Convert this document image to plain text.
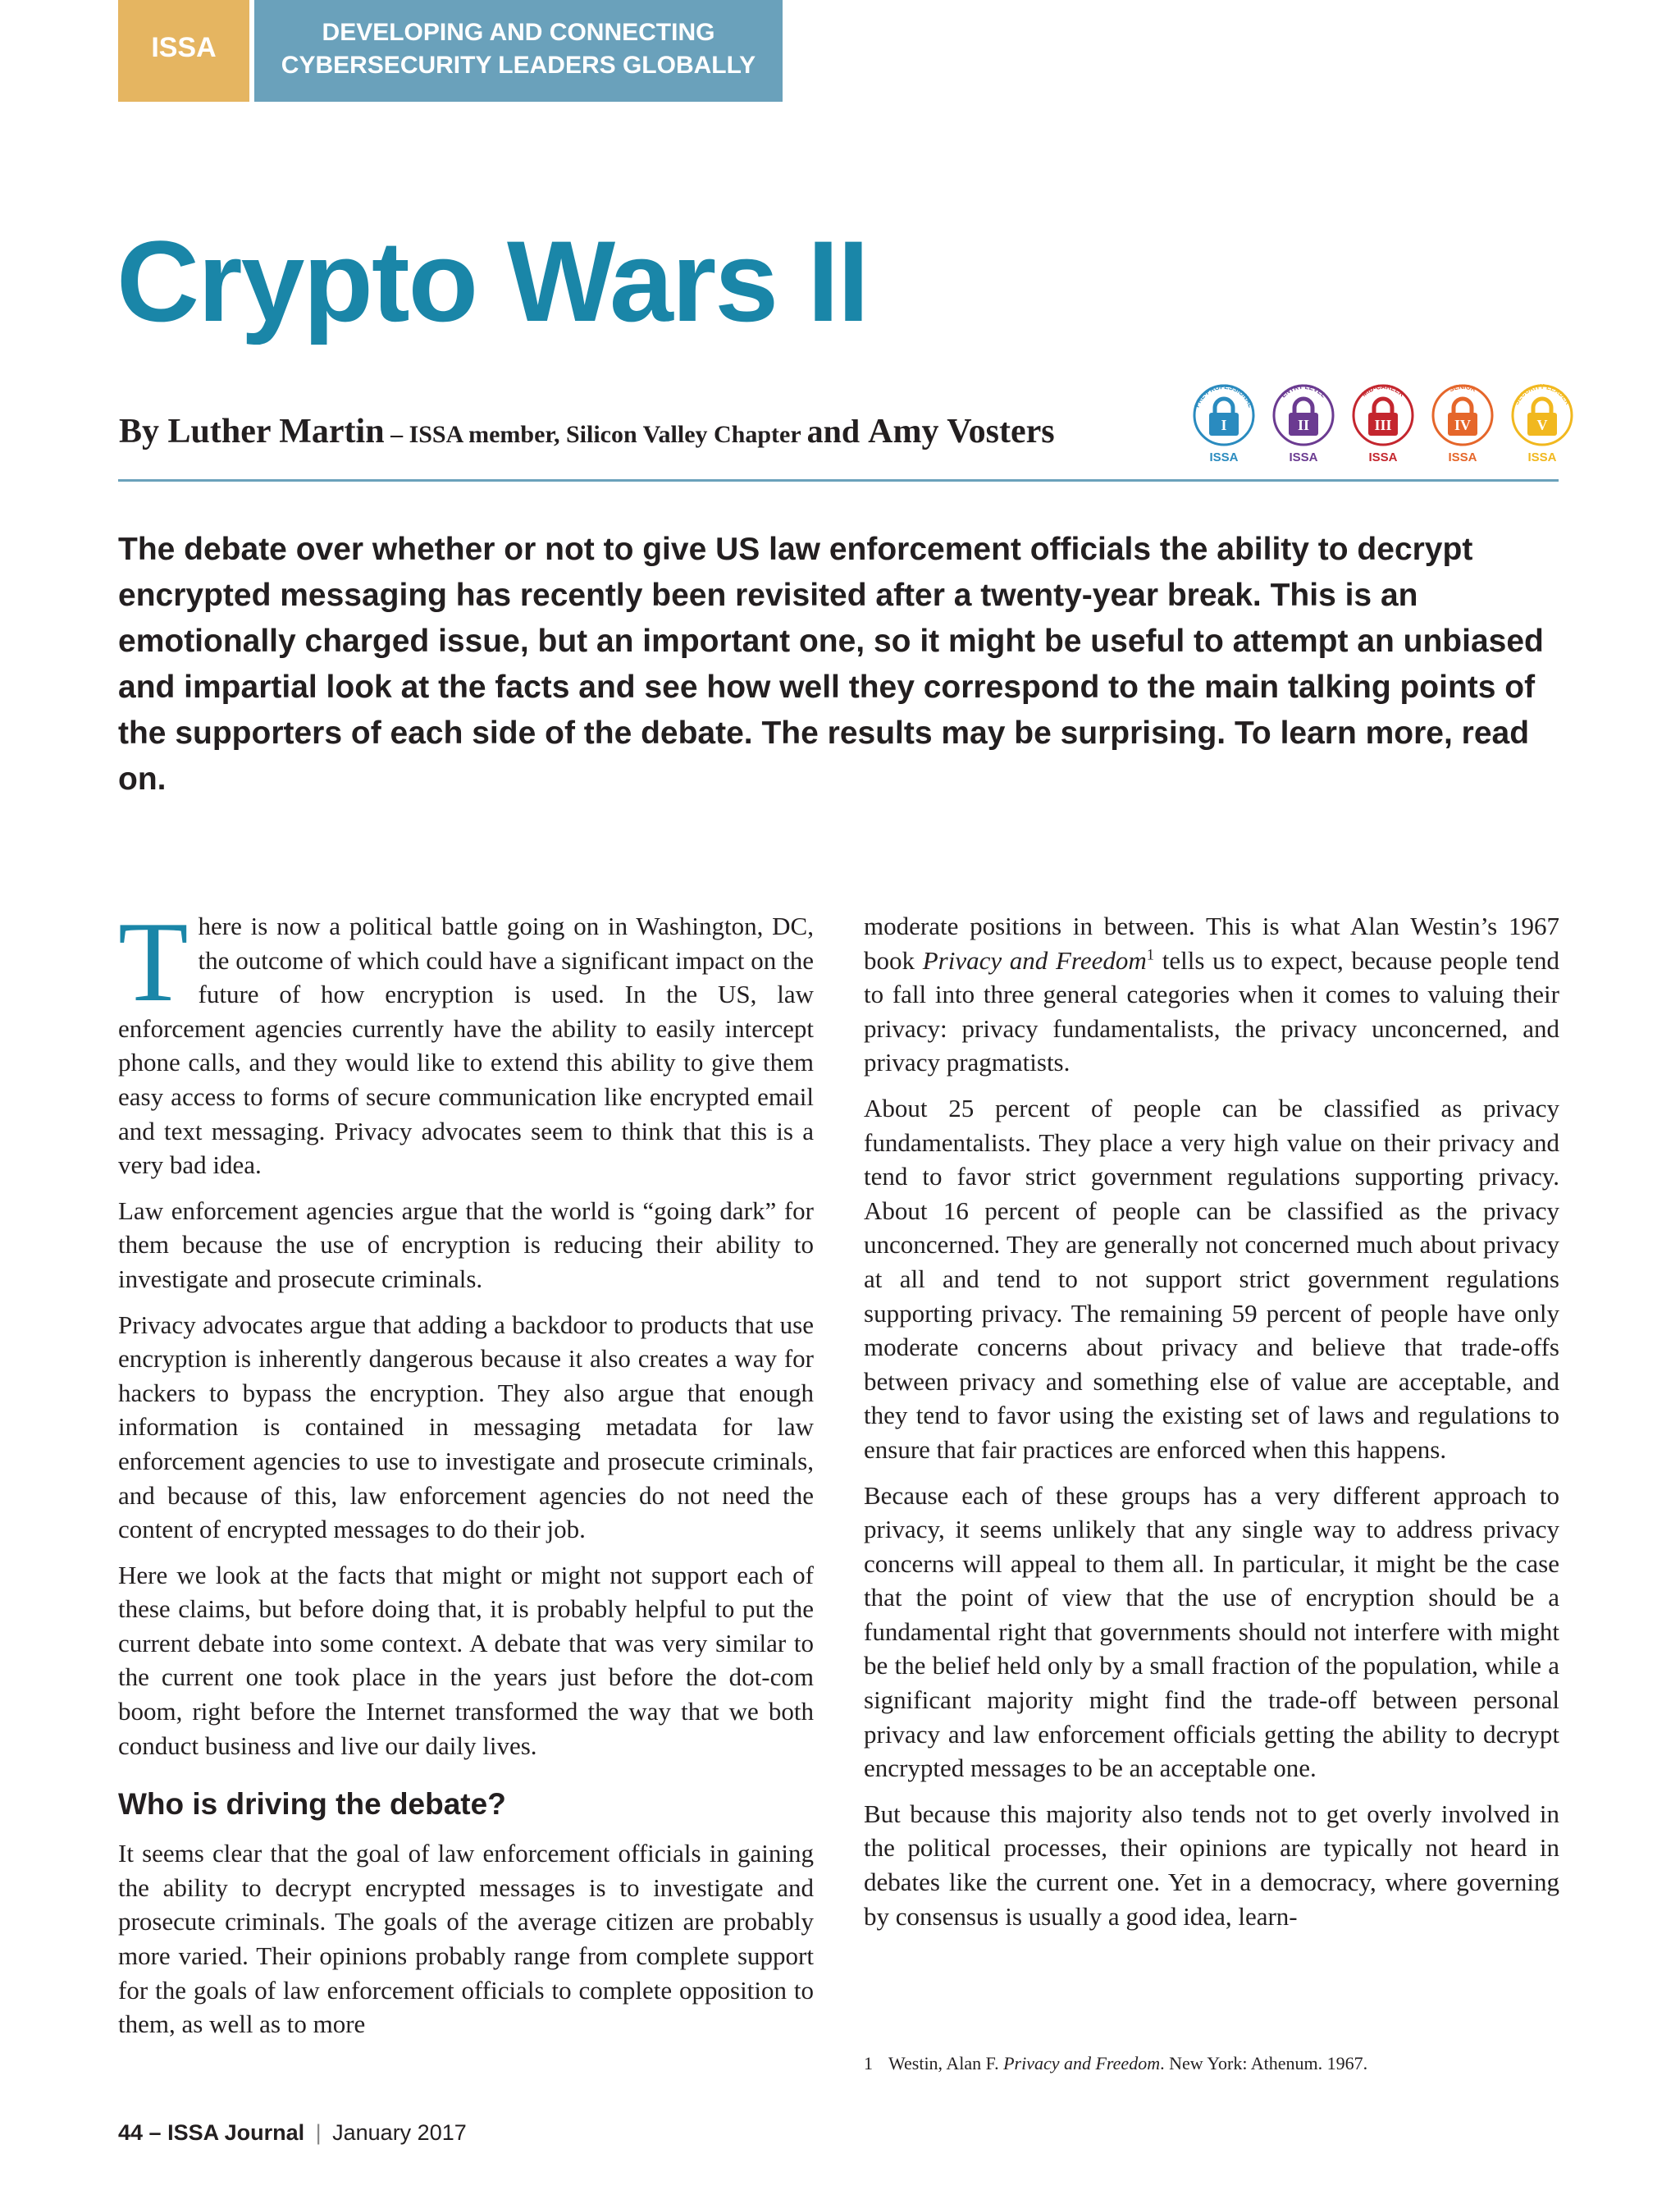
ISSA	DEVELOPING AND CONNECTING
CYBERSECURITY LEADERS GLOBALLY
Crypto Wars II
By Luther Martin – ISSA member, Silicon Valley Chapter and Amy Vosters
PRE-PROFESSIONAL
I
ISSA
ENTRY LEVEL
II
ISSA
MID-CAREER
III
ISSA
SENIOR
IV
ISSA
SECURITY LEADER
V
ISSA

The debate over whether or not to give US law enforcement officials the ability to decrypt encrypted messaging has recently been revisited after a twenty-year break. This is an emotionally charged issue, but an important one, so it might be useful to attempt an unbiased and impartial look at the facts and see how well they correspond to the main talking points of the supporters of each side of the debate. The results may be surprising. To learn more, read on.

There is now a political battle going on in Washington, DC, the outcome of which could have a significant impact on the future of how encryption is used. In the US, law enforcement agencies currently have the ability to easily intercept phone calls, and they would like to extend this ability to give them easy access to forms of secure communication like encrypted email and text messaging. Privacy advocates seem to think that this is a very bad idea.

Law enforcement agencies argue that the world is “going dark” for them because the use of encryption is reducing their ability to investigate and prosecute criminals.

Privacy advocates argue that adding a backdoor to products that use encryption is inherently dangerous because it also creates a way for hackers to bypass the encryption. They also argue that enough information is contained in messaging metadata for law enforcement agencies to use to investigate and prosecute criminals, and because of this, law enforcement agencies do not need the content of encrypted messages to do their job.

Here we look at the facts that might or might not support each of these claims, but before doing that, it is probably helpful to put the current debate into some context. A debate that was very similar to the current one took place in the years just before the dot-com boom, right before the Internet transformed the way that we both conduct business and live our daily lives.

Who is driving the debate?

It seems clear that the goal of law enforcement officials in gaining the ability to decrypt encrypted messages is to investigate and prosecute criminals. The goals of the average citizen are probably more varied. Their opinions probably range from complete support for the goals of law enforcement officials to complete opposition to them, as well as to more

moderate positions in between. This is what Alan Westin’s 1967 book Privacy and Freedom$^1$ tells us to expect, because people tend to fall into three general categories when it comes to valuing their privacy: privacy fundamentalists, the privacy unconcerned, and privacy pragmatists.

About 25 percent of people can be classified as privacy fundamentalists. They place a very high value on their privacy and tend to favor strict government regulations supporting privacy. About 16 percent of people can be classified as the privacy unconcerned. They are generally not concerned much about privacy at all and tend to not support strict government regulations supporting privacy. The remaining 59 percent of people have only moderate concerns about privacy and believe that trade-offs between privacy and something else of value are acceptable, and they tend to favor using the existing set of laws and regulations to ensure that fair practices are enforced when this happens.

Because each of these groups has a very different approach to privacy, it seems unlikely that any single way to address privacy concerns will appeal to them all. In particular, it might be the case that the point of view that the use of encryption should be a fundamental right that governments should not interfere with might be the belief held only by a small fraction of the population, while a significant majority might find the trade-off between personal privacy and law enforcement officials getting the ability to decrypt encrypted messages to be an acceptable one.

But because this majority also tends not to get overly involved in the political processes, their opinions are typically not heard in debates like the current one. Yet in a democracy, where governing by consensus is usually a good idea, learn-

1 Westin, Alan F. Privacy and Freedom. New York: Athenum. 1967.
44 – ISSA Journal | January 2017
